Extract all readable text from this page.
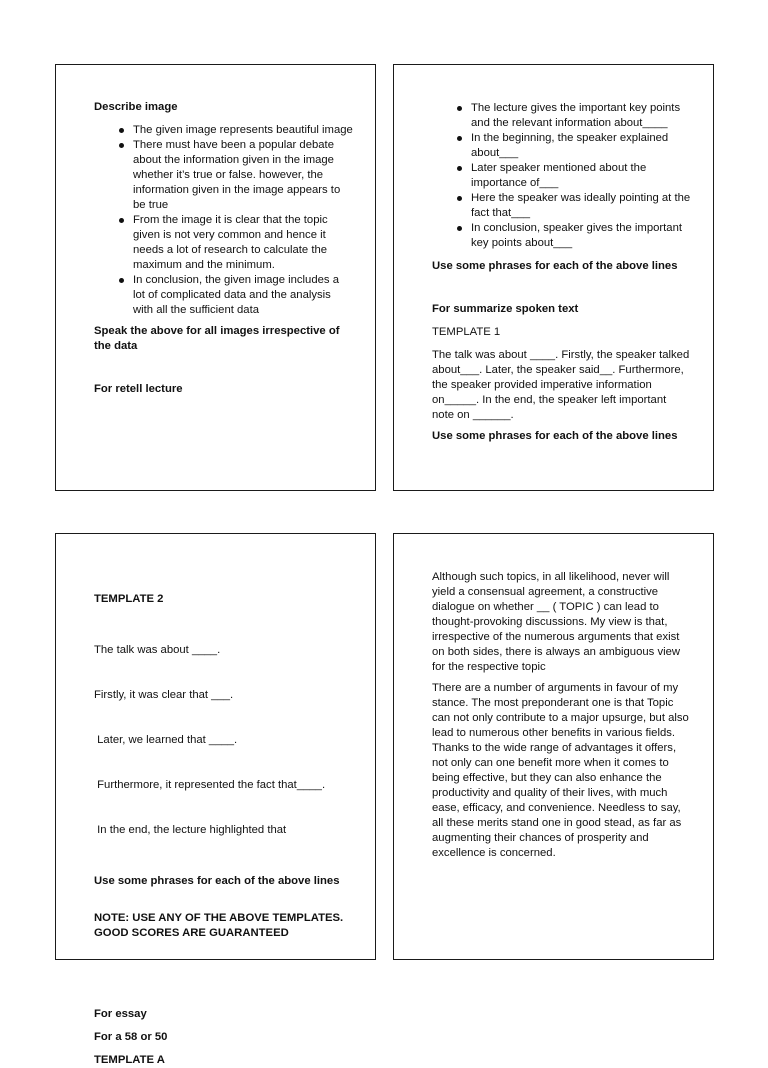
Describe image

The given image represents beautiful image
There must have been a popular debate about the information given in the image whether it’s true or false. however, the information given in the image appears to be true
From the image it is clear that the topic given is not very common and hence it needs a lot of research to calculate the maximum and the minimum.
In conclusion, the given image includes a lot of complicated data and the analysis with all the sufficient data

Speak the above for all images irrespective of the data

For retell lecture

The lecture gives the important key points and the relevant information about____
In the beginning, the speaker explained about___
Later speaker mentioned about the importance of___
Here the speaker was ideally pointing at the fact that___
In conclusion, speaker gives the important key points about___

Use some phrases for each of the above lines

For summarize spoken text

TEMPLATE 1

The talk was about ____. Firstly, the speaker talked about___. Later, the speaker said__. Furthermore, the speaker provided imperative information on_____. In the end, the speaker left important note on ______.

Use some phrases for each of the above lines

TEMPLATE 2

The talk was about ____.

Firstly, it was clear that ___.

Later, we learned that ____.

Furthermore, it represented the fact that____.

In the end, the lecture highlighted that

Use some phrases for each of the above lines

NOTE: USE ANY OF THE ABOVE TEMPLATES. GOOD SCORES ARE GUARANTEED

For essay

For a 58 or 50

TEMPLATE A

Although such topics, in all likelihood, never will yield a consensual agreement, a constructive dialogue on whether __ ( TOPIC ) can lead to thought-provoking discussions. My view is that, irrespective of the numerous arguments that exist on both sides, there is always an ambiguous view for the respective topic

There are a number of arguments in favour of my stance. The most preponderant one is that Topic can not only contribute to a major upsurge, but also lead to numerous other benefits in various fields. Thanks to the wide range of advantages it offers, not only can one benefit more when it comes to being effective, but they can also enhance the productivity and quality of their lives, with much ease, efficacy, and convenience. Needless to say, all these merits stand one in good stead, as far as augmenting their chances of prosperity and excellence is concerned.
